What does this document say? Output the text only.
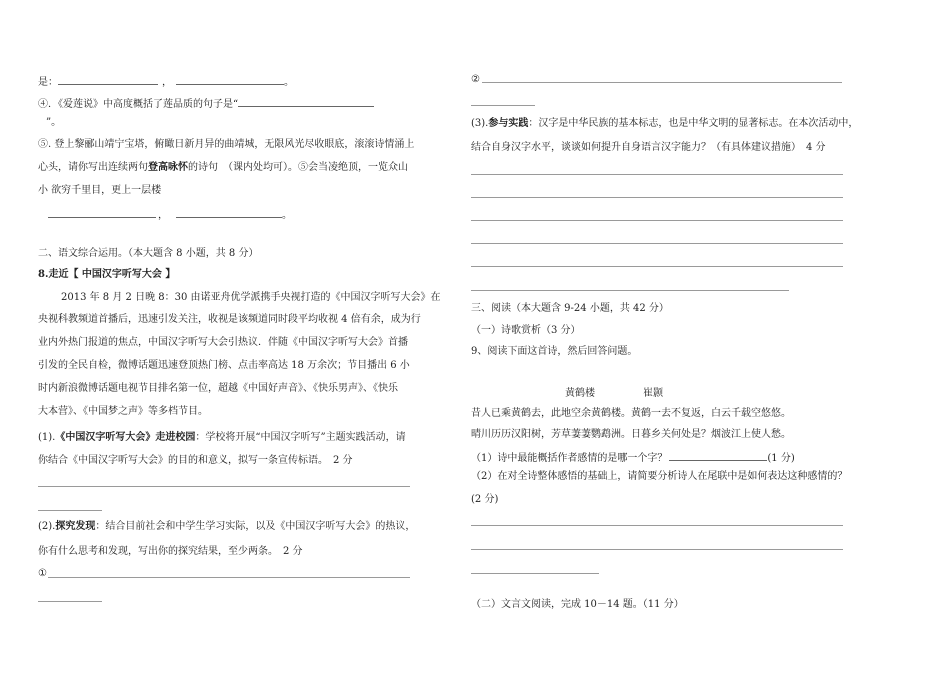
是：	，	。
④．《爱莲说》中高度概括了莲品质的句子是“
”。
⑤. 登上黎郦山靖宁宝塔，俯瞰日新月异的曲靖城，无限风光尽收眼底，滚滚诗情涌上
心头，请你写出连续两句登高咏怀的诗句　（课内处均可）。⑤会当凌绝顶，一览众山
小 欲穷千里目，更上一层楼
，	。
二、语文综合运用。（本大题含 8 小题，共 8 分）
8.走近【 中国汉字听写大会 】
2013 年 8 月 2 日晚 8：30 由诺亚舟优学派携手央视打造的《中国汉字听写大会》在
央视科教频道首播后，迅速引发关注，收视是该频道同时段平均收视 4 倍有余，成为行
业内外热门报道的焦点，中国汉字听写大会引热议．伴随《中国汉字听写大会》首播
引发的全民自检，微博话题迅速登顶热门榜、点击率高达 18 万余次；节目播出 6 小
时内新浪微博话题电视节目排名第一位，超越《中国好声音》、《快乐男声》、《快乐
大本营》、《中国梦之声》等多档节目。
(1).《中国汉字听写大会》走进校园：学校将开展“中国汉字听写”主题实践活动，请
你结合《中国汉字听写大会》的目的和意义，拟写一条宣传标语。　2 分
(2).探究发现：结合目前社会和中学生学习实际，以及《中国汉字听写大会》的热议，
你有什么思考和发现，写出你的探究结果，至少两条。　2 分
①
②
(3).参与实践：汉字是中华民族的基本标志，也是中华文明的显著标志。在本次活动中，
结合自身汉字水平，谈谈如何提升自身语言汉字能力？（有具体建议措施）　4 分
三、阅读（本大题含 9-24 小题，共 42 分）
（一）诗歌赏析（3 分）
9、阅读下面这首诗，然后回答问题。
黄鹤楼	崔颢
昔人已乘黄鹤去，此地空余黄鹤楼。黄鹤一去不复返，白云千载空悠悠。
晴川历历汉阳树，芳草萋萋鹦鹉洲。日暮乡关何处是？烟波江上使人愁。
（1）诗中最能概括作者感情的是哪一个字？	(1 分)
（2）在对全诗整体感悟的基础上，请简要分析诗人在尾联中是如何表达这种感情的？
(2 分)
（二）文言文阅读，完成 10－14 题。（11 分）
